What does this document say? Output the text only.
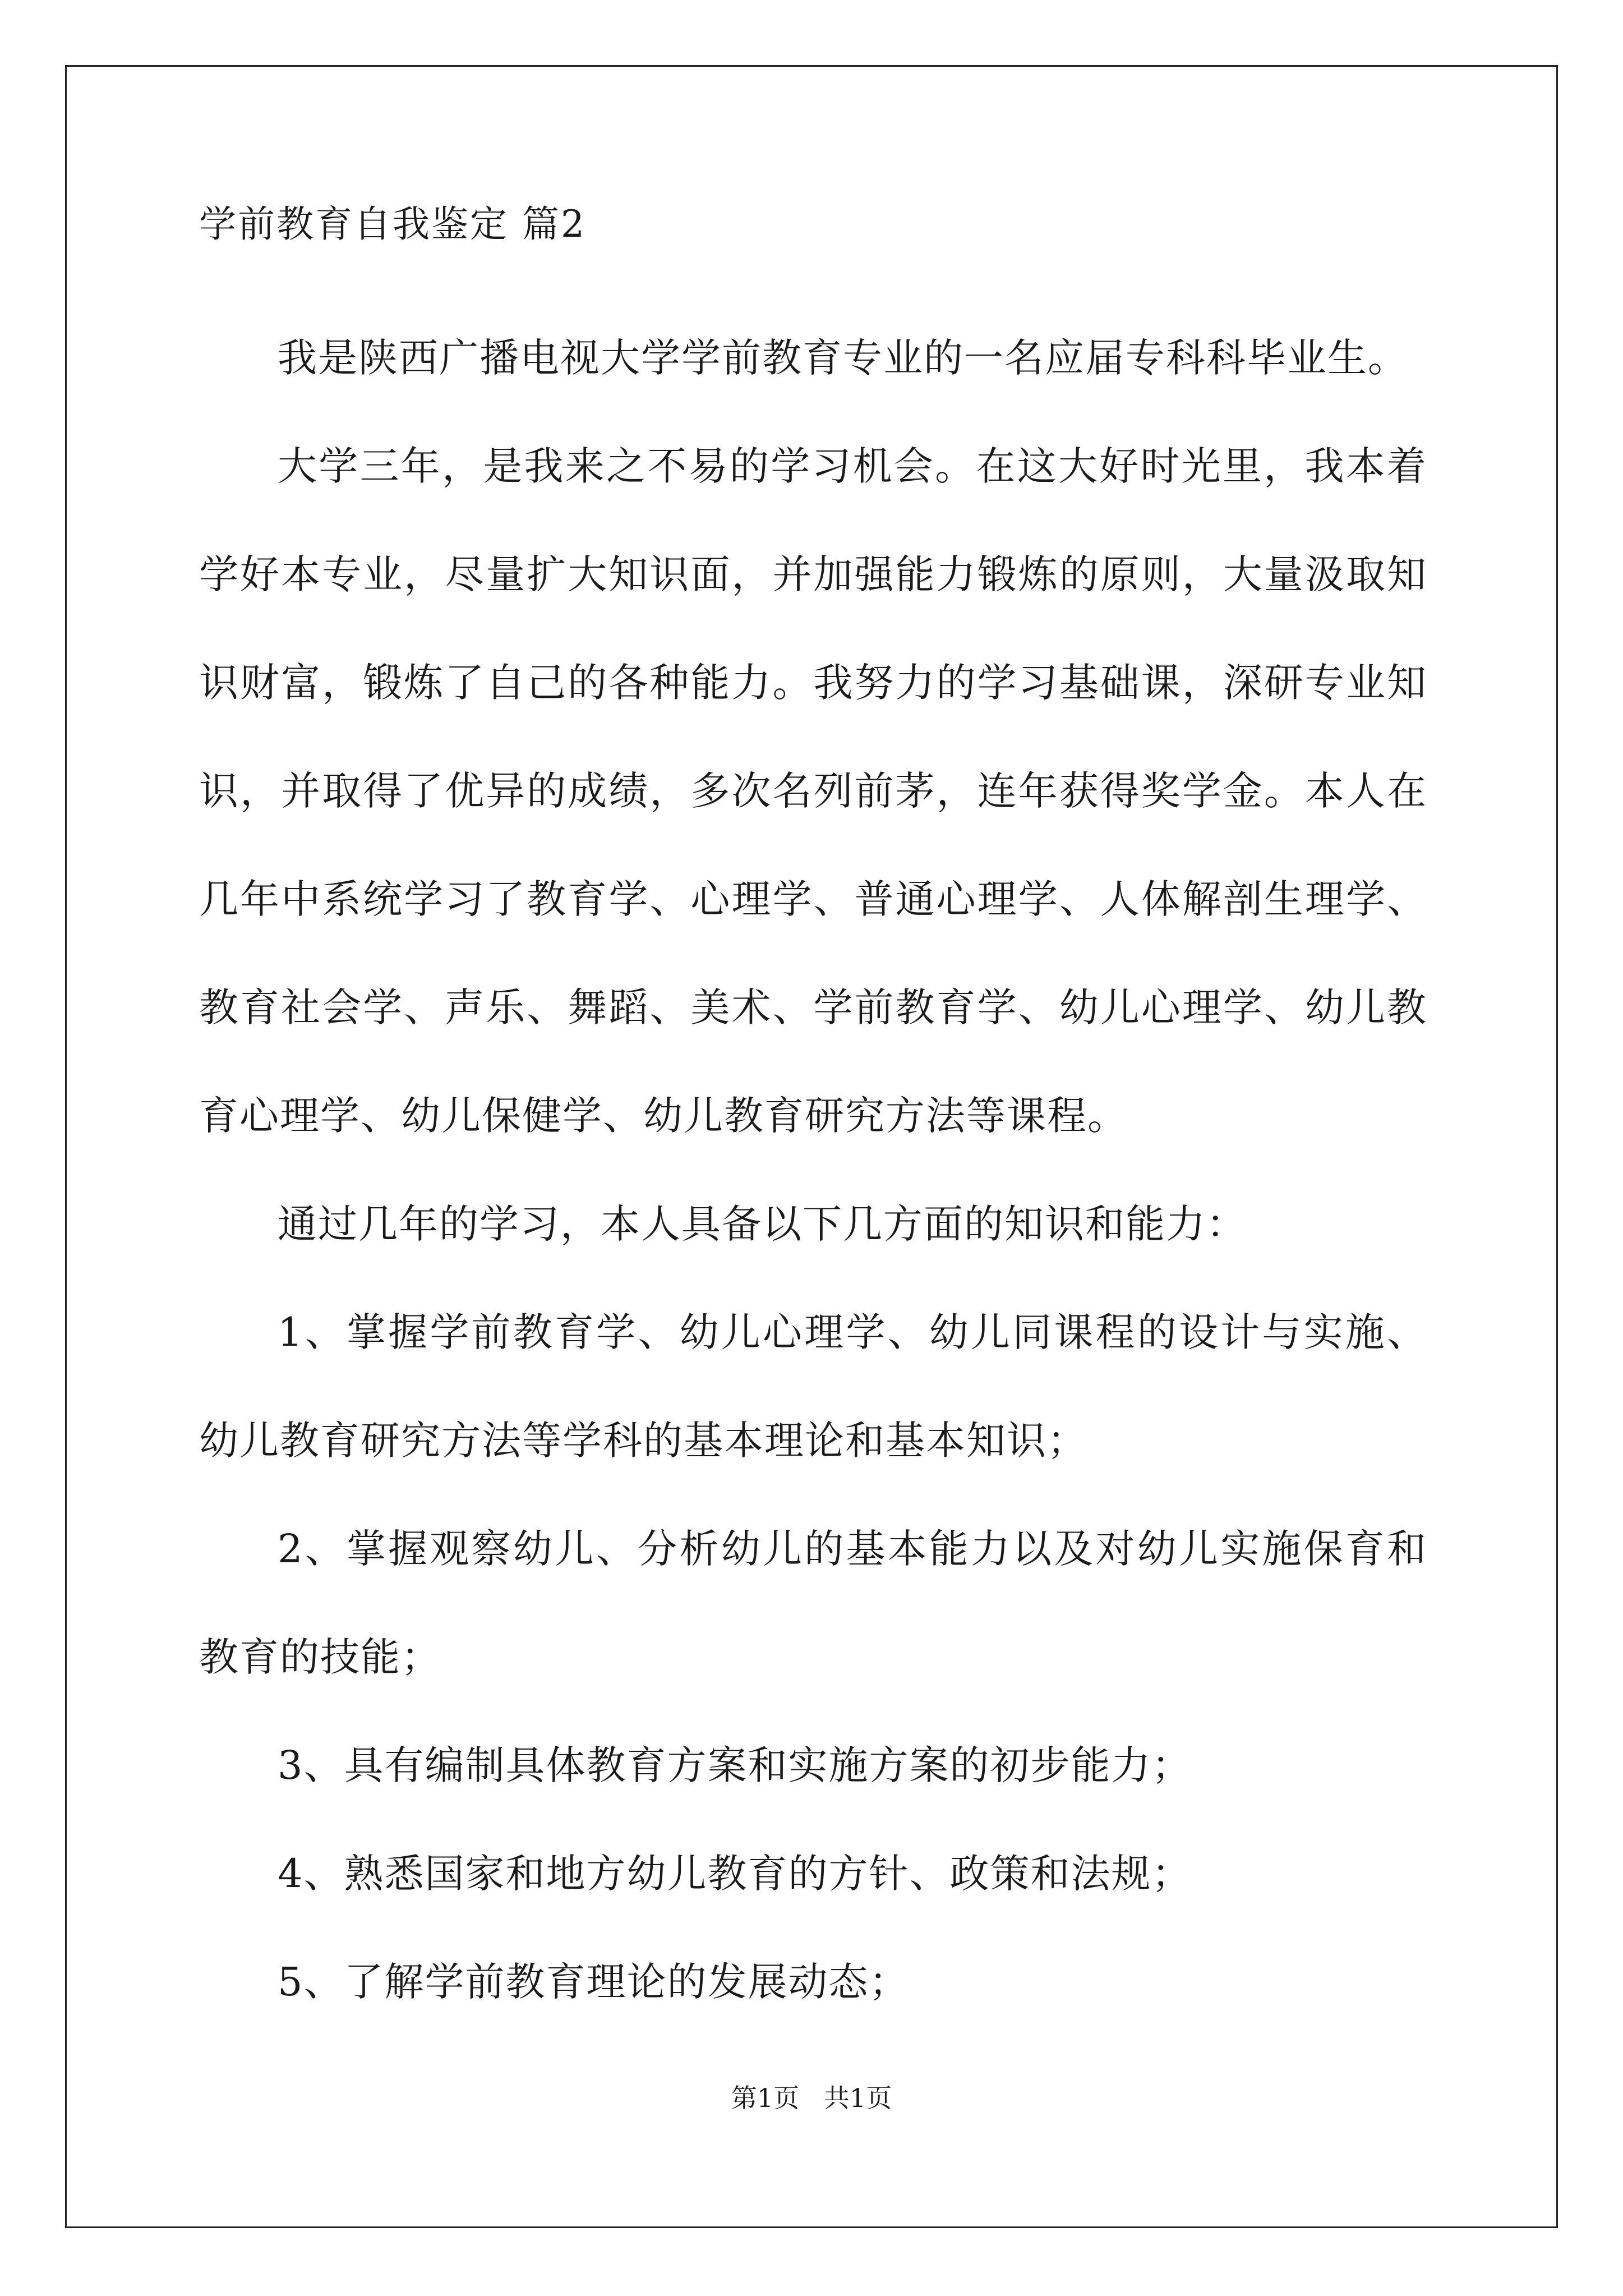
学前教育自我鉴定 篇2

我是陕西广播电视大学学前教育专业的一名应届专科科毕业生。

大学三年，是我来之不易的学习机会。在这大好时光里，我本着学好本专业，尽量扩大知识面，并加强能力锻炼的原则，大量汲取知识财富，锻炼了自己的各种能力。我努力的学习基础课，深研专业知识，并取得了优异的成绩，多次名列前茅，连年获得奖学金。本人在几年中系统学习了教育学、心理学、普通心理学、人体解剖生理学、教育社会学、声乐、舞蹈、美术、学前教育学、幼儿心理学、幼儿教育心理学、幼儿保健学、幼儿教育研究方法等课程。

通过几年的学习，本人具备以下几方面的知识和能力：

1、掌握学前教育学、幼儿心理学、幼儿同课程的设计与实施、幼儿教育研究方法等学科的基本理论和基本知识；

2、掌握观察幼儿、分析幼儿的基本能力以及对幼儿实施保育和教育的技能；

3、具有编制具体教育方案和实施方案的初步能力；

4、熟悉国家和地方幼儿教育的方针、政策和法规；

5、了解学前教育理论的发展动态；

第1页   共1页
